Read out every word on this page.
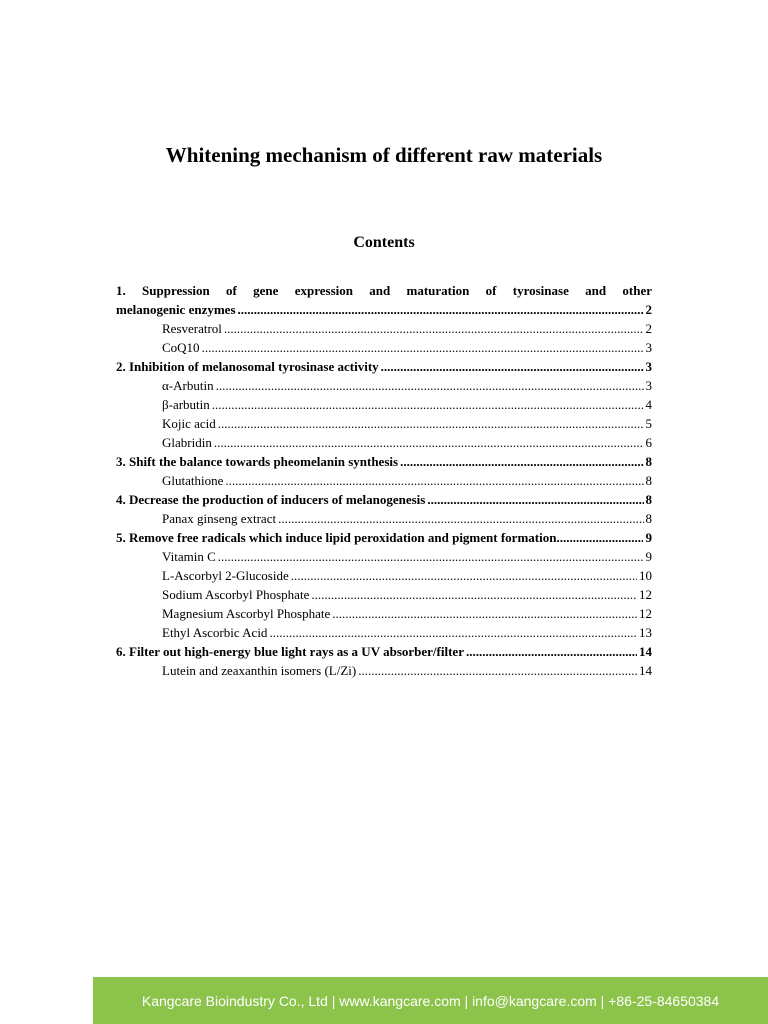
Whitening mechanism of different raw materials
Contents
1. Suppression of gene expression and maturation of tyrosinase and other
melanogenic enzymes .....	2
Resveratrol .....	2
CoQ10 .....	3
2. Inhibition of melanosomal tyrosinase activity .....	3
α-Arbutin .....	3
β-arbutin .....	4
Kojic acid .....	5
Glabridin .....	6
3. Shift the balance towards pheomelanin synthesis .....	8
Glutathione .....	8
4. Decrease the production of inducers of melanogenesis .....	8
Panax ginseng extract .....	8
5. Remove free radicals which induce lipid peroxidation and pigment formation .....	9
Vitamin C .....	9
L-Ascorbyl 2-Glucoside .....	10
Sodium Ascorbyl Phosphate .....	12
Magnesium Ascorbyl Phosphate .....	12
Ethyl Ascorbic Acid .....	13
6. Filter out high-energy blue light rays as a UV absorber/filter .....	14
Lutein and zeaxanthin isomers (L/Zi) .....	14
Kangcare Bioindustry Co., Ltd | www.kangcare.com | info@kangcare.com | +86-25-84650384
